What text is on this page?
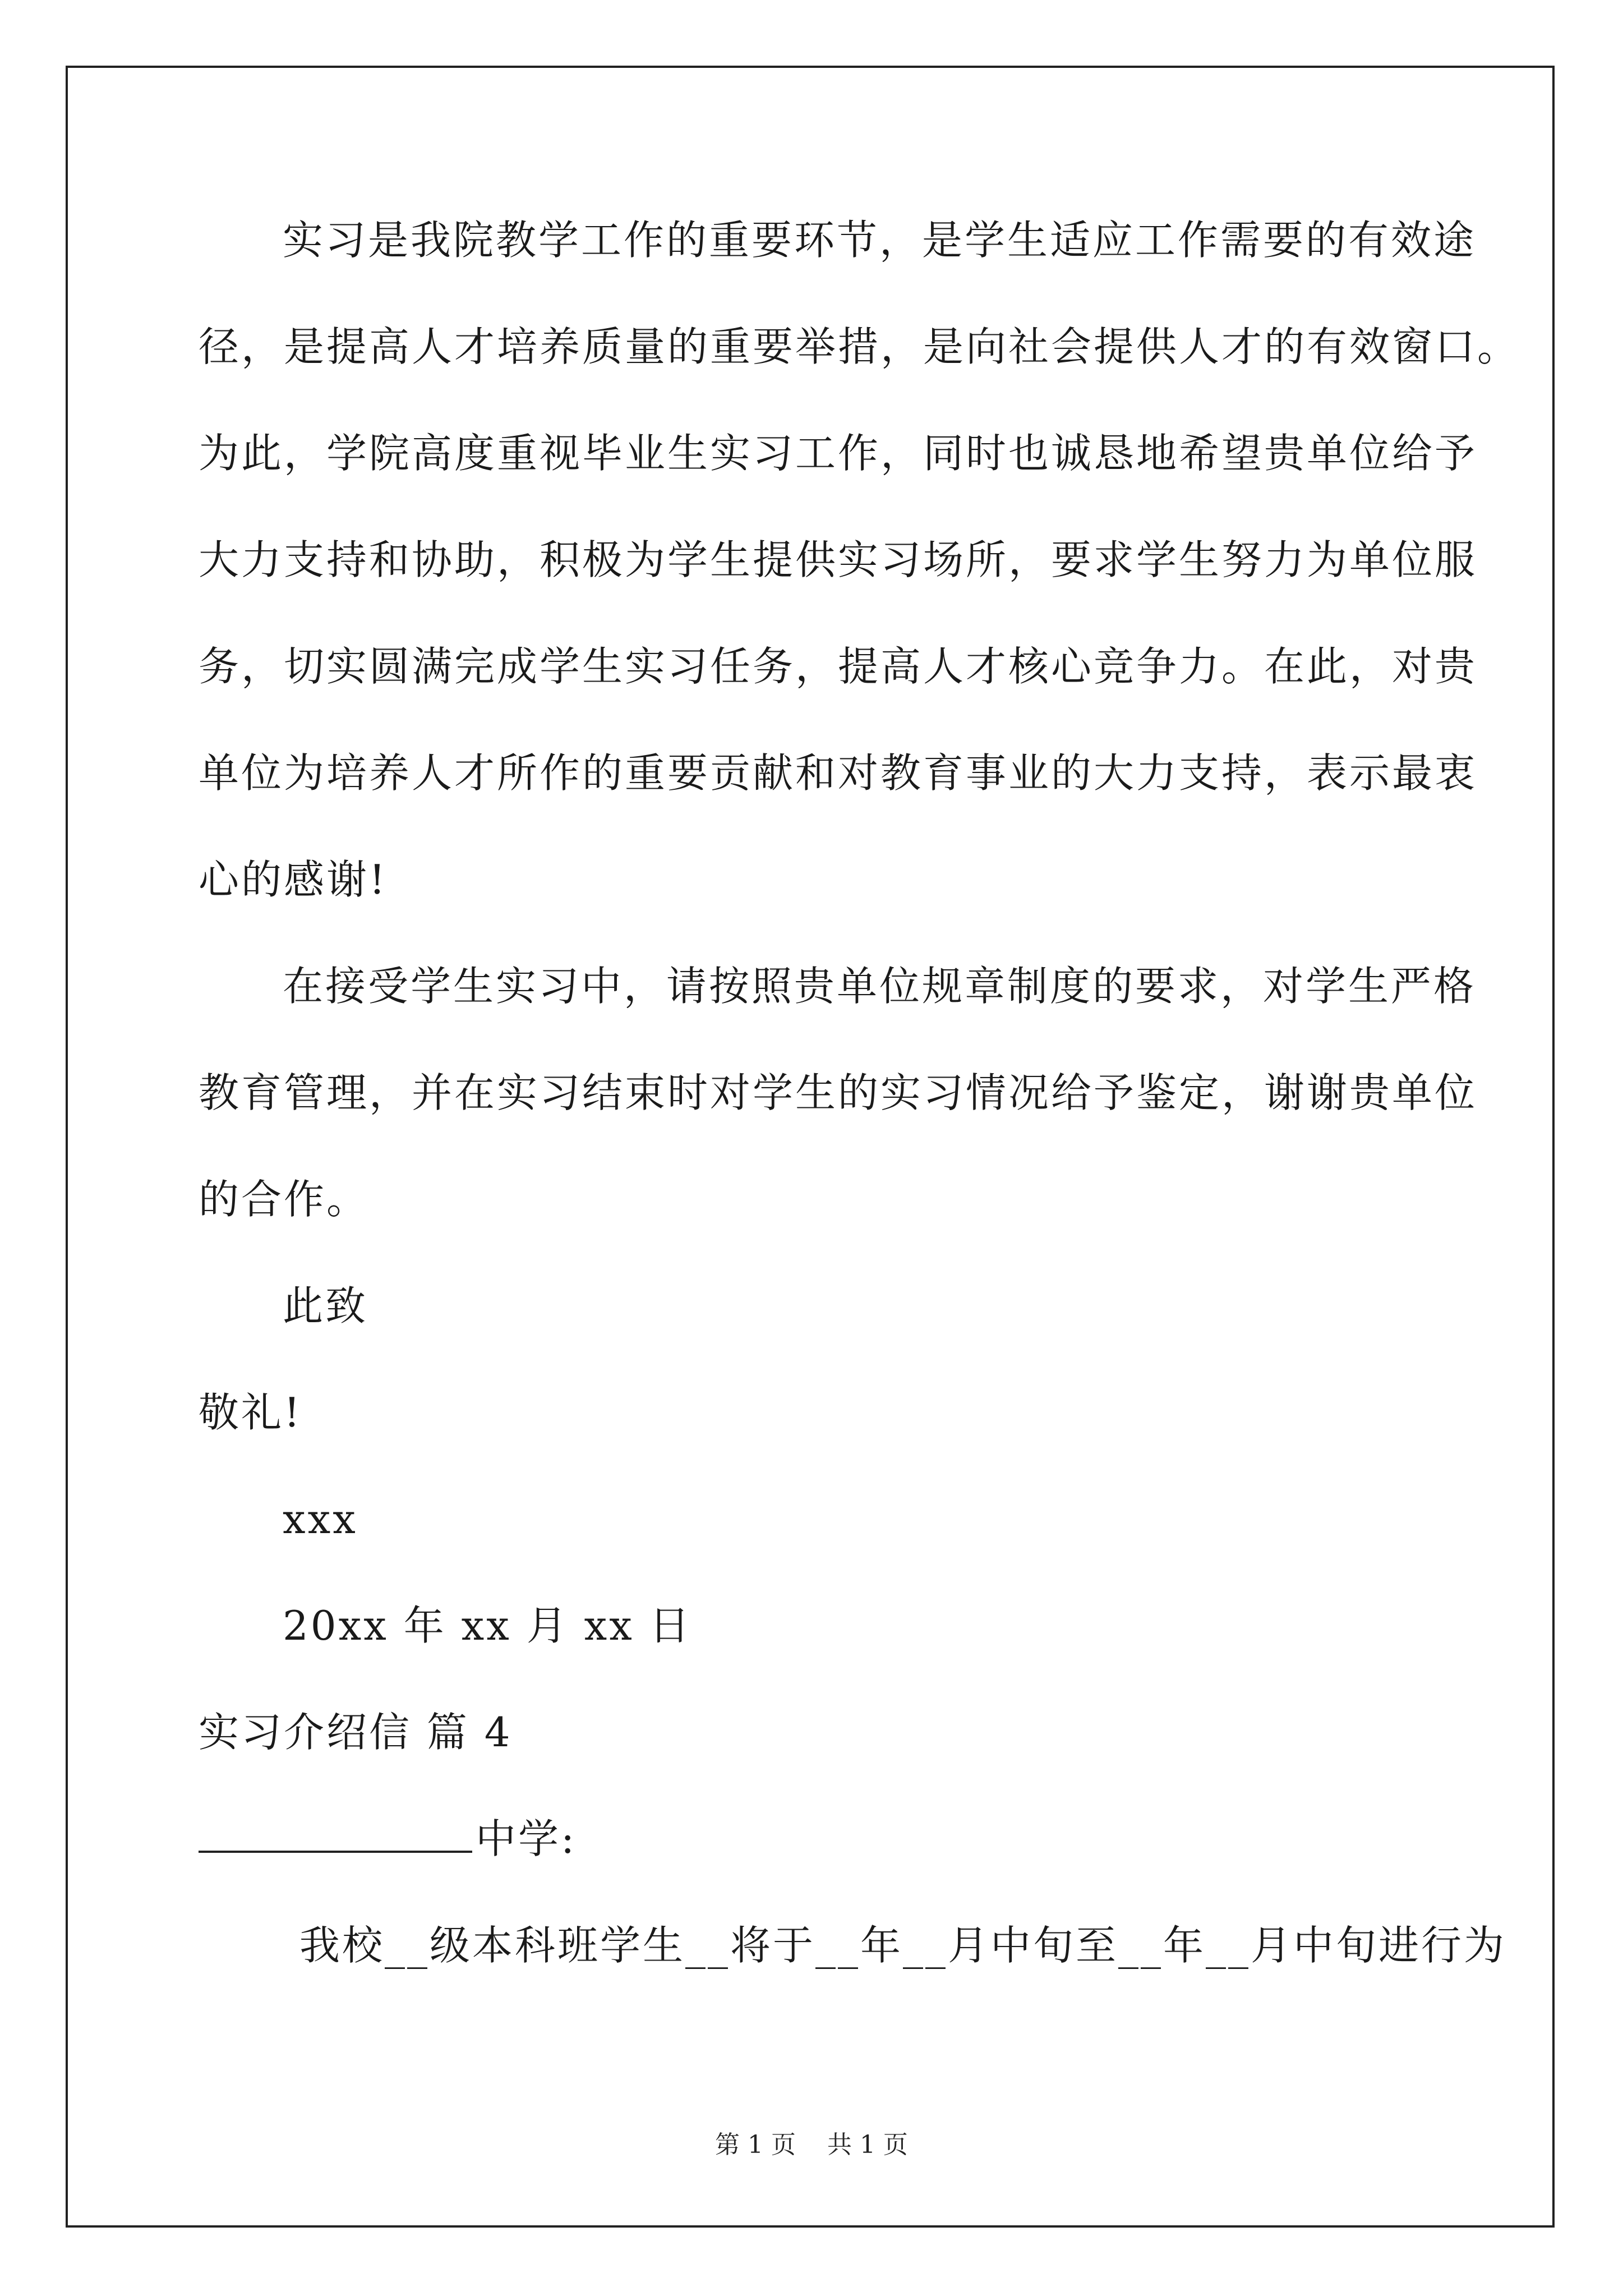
实习是我院教学工作的重要环节，是学生适应工作需要的有效途
径，是提高人才培养质量的重要举措，是向社会提供人才的有效窗口。
为此，学院高度重视毕业生实习工作，同时也诚恳地希望贵单位给予
大力支持和协助，积极为学生提供实习场所，要求学生努力为单位服
务，切实圆满完成学生实习任务，提高人才核心竞争力。在此，对贵
单位为培养人才所作的重要贡献和对教育事业的大力支持，表示最衷
心的感谢!
在接受学生实习中，请按照贵单位规章制度的要求，对学生严格
教育管理，并在实习结束时对学生的实习情况给予鉴定，谢谢贵单位
的合作。
此致
敬礼!
xxx
20xx 年 xx 月 xx 日
实习介绍信 篇 4
中学:
我校__级本科班学生__将于__年__月中旬至__年__月中旬进行为
第 1 页    共 1 页
